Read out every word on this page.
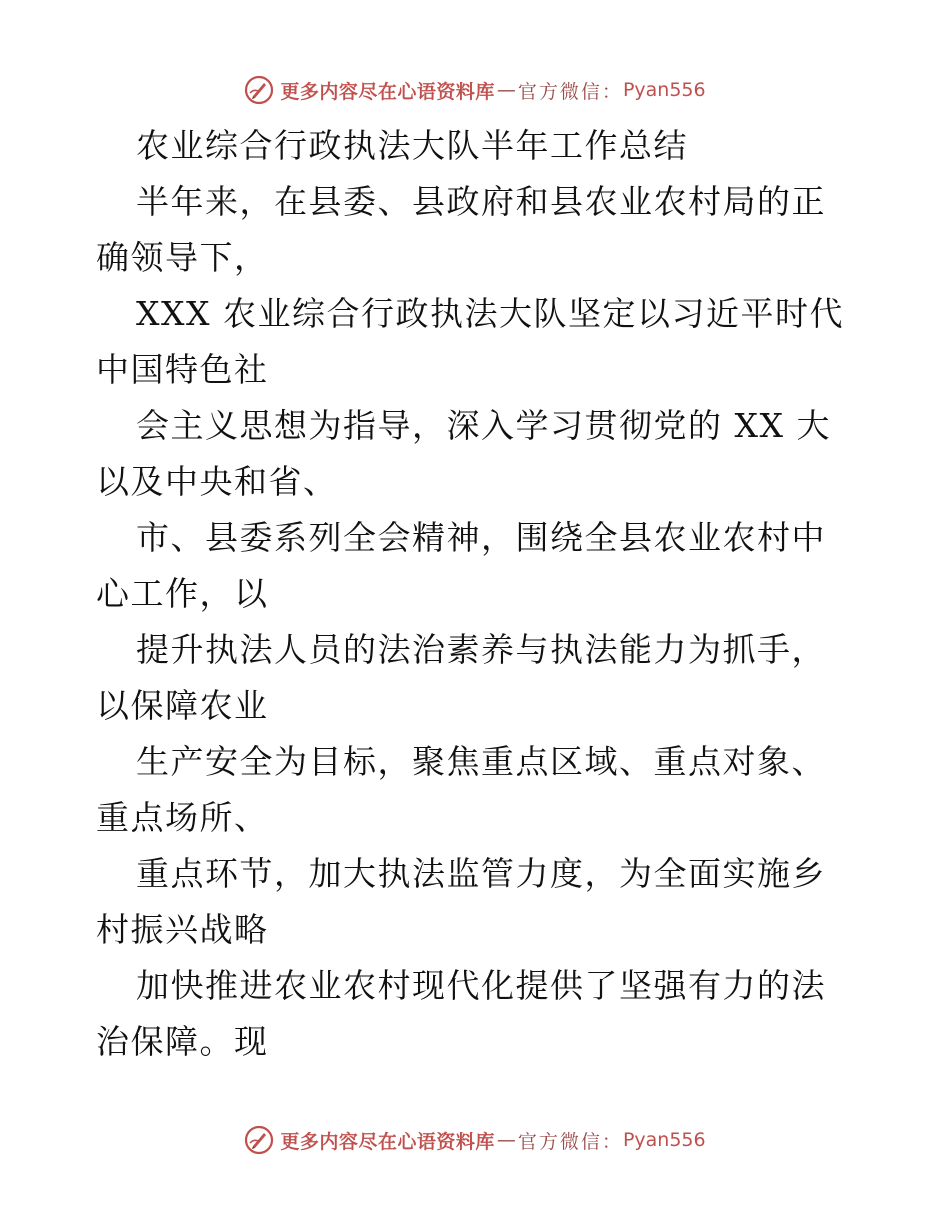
更多内容尽在心语资料库 — 官方微信： Pyan556

农业综合行政执法大队半年工作总结

半年来，在县委、县政府和县农业农村局的正确领导下，

XXX 农业综合行政执法大队坚定以习近平时代中国特色社

会主义思想为指导，深入学习贯彻党的 XX 大以及中央和省、

市、县委系列全会精神，围绕全县农业农村中心工作，以

提升执法人员的法治素养与执法能力为抓手，以保障农业

生产安全为目标，聚焦重点区域、重点对象、重点场所、

重点环节，加大执法监管力度，为全面实施乡村振兴战略

加快推进农业农村现代化提供了坚强有力的法治保障。现

更多内容尽在心语资料库 — 官方微信： Pyan556
